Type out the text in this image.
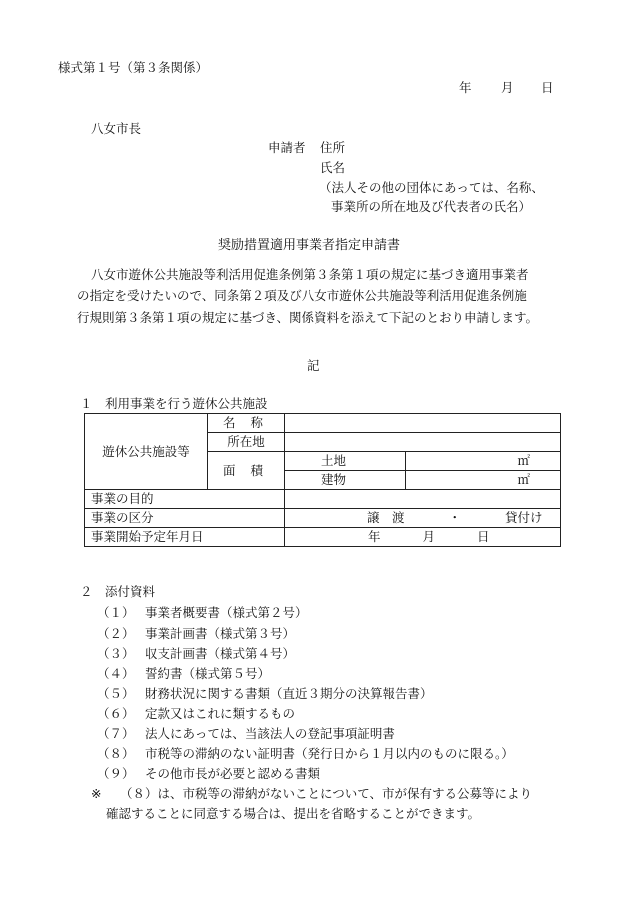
様式第１号（第３条関係）
年 月 日
八女市長
申請者 住所
氏名
（法人その他の団体にあっては、名称、
事業所の所在地及び代表者の氏名）
奨励措置適用事業者指定申請書
八女市遊休公共施設等利活用促進条例第３条第１項の規定に基づき適用事業者
の指定を受けたいので、同条第２項及び八女市遊休公共施設等利活用促進条例施
行規則第３条第１項の規定に基づき、関係資料を添えて下記のとおり申請します。
記
１　利用事業を行う遊休公共施設
遊休公共施設等	名称		
	所在地		
	面積	土地	㎡
		建物	㎡
事業の目的			
事業の区分		譲　渡 ・ 貸付け	
事業開始予定年月日		年 月 日	
２　添付資料
（１） 事業者概要書（様式第２号）
（２） 事業計画書（様式第３号）
（３） 収支計画書（様式第４号）
（４） 誓約書（様式第５号）
（５） 財務状況に関する書類（直近３期分の決算報告書）
（６） 定款又はこれに類するもの
（７） 法人にあっては、当該法人の登記事項証明書
（８） 市税等の滞納のない証明書（発行日から１月以内のものに限る。）
（９） その他市長が必要と認める書類
※ （８）は、市税等の滞納がないことについて、市が保有する公募等により
確認することに同意する場合は、提出を省略することができます。
